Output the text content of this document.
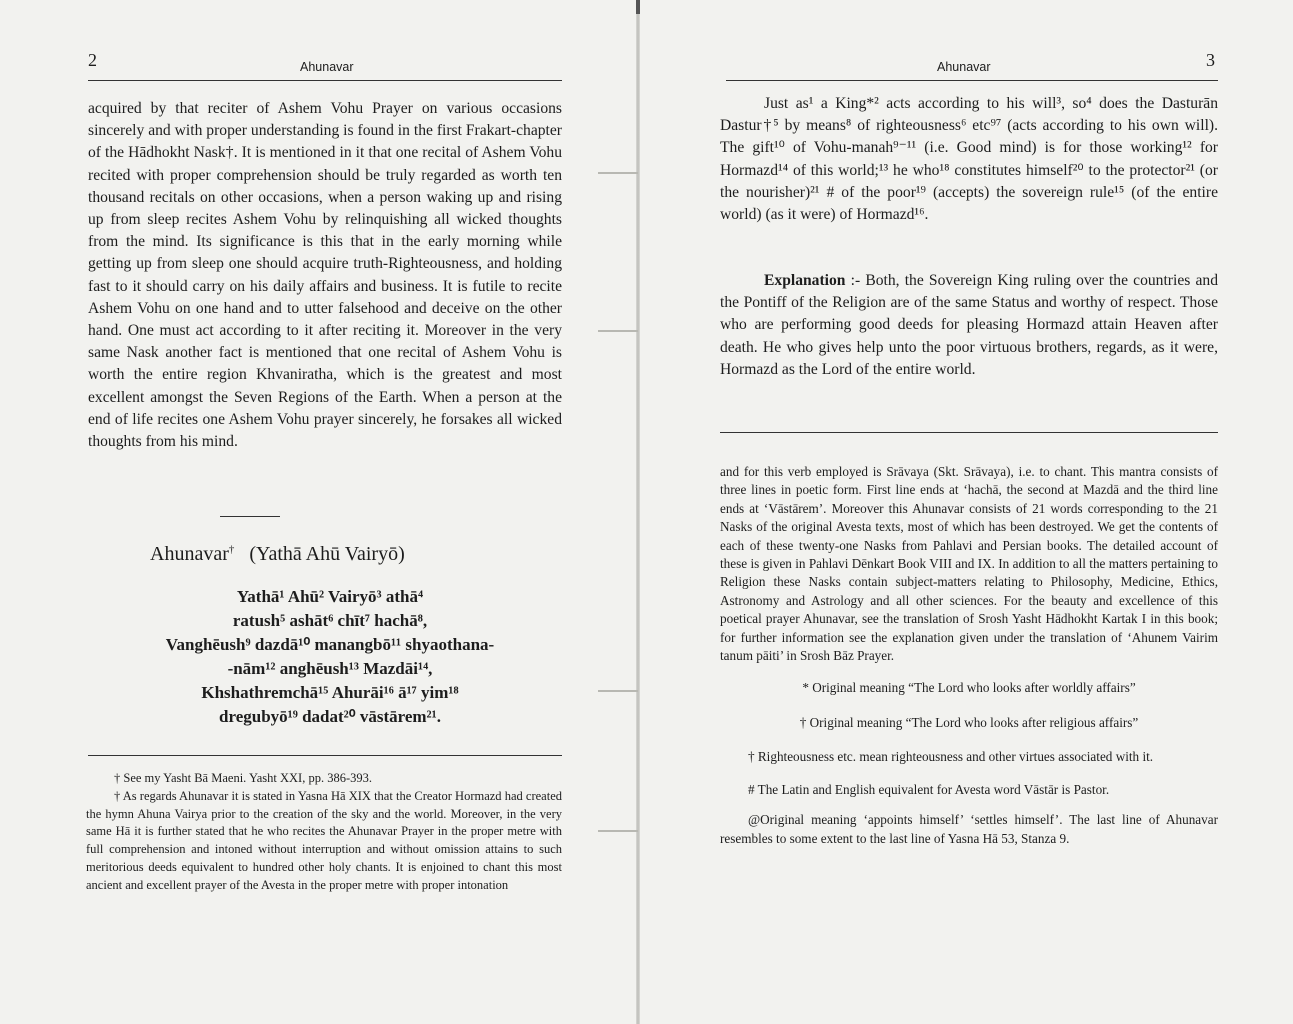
2	Ahunavar

acquired by that reciter of Ashem Vohu Prayer on various occasions sincerely and with proper understanding is found in the first Frakart-chapter of the Hādhokht Nask†. It is mentioned in it that one recital of Ashem Vohu recited with proper comprehension should be truly regarded as worth ten thousand recitals on other occasions, when a person waking up and rising up from sleep recites Ashem Vohu by relinquishing all wicked thoughts from the mind. Its significance is this that in the early morning while getting up from sleep one should acquire truth-Righteousness, and holding fast to it should carry on his daily affairs and business. It is futile to recite Ashem Vohu on one hand and to utter falsehood and deceive on the other hand. One must act according to it after reciting it. Moreover in the very same Nask another fact is mentioned that one recital of Ashem Vohu is worth the entire region Khvaniratha, which is the greatest and most excellent amongst the Seven Regions of the Earth. When a person at the end of life recites one Ashem Vohu prayer sincerely, he forsakes all wicked thoughts from his mind.

Ahunavar† (Yathā Ahū Vairyō)
Yathā¹ Ahū² Vairyō³ athā⁴
ratush⁵ ashāt⁶ chīt⁷ hachā⁸,
Vanghēush⁹ dazdā¹⁰ manangbō¹¹ shyaothana-
-nām¹² anghēush¹³ Mazdāi¹⁴,
Khshathremchā¹⁵ Ahurāi¹⁶ ā¹⁷ yim¹⁸
dregubyō¹⁹ dadat²⁰ vāstārem²¹.

† See my Yasht Bā Maeni. Yasht XXI, pp. 386-393.

† As regards Ahunavar it is stated in Yasna Hā XIX that the Creator Hormazd had created the hymn Ahuna Vairya prior to the creation of the sky and the world. Moreover, in the very same Hā it is further stated that he who recites the Ahunavar Prayer in the proper metre with full comprehension and intoned without interruption and without omission attains to such meritorious deeds equivalent to hundred other holy chants. It is enjoined to chant this most ancient and excellent prayer of the Avesta in the proper metre with proper intonation

Ahunavar	3

Just as¹ a King*² acts according to his will³, so⁴ does the Dasturān Dastur†⁵ by means⁸ of righteousness⁶ etc⁹⁷ (acts according to his own will). The gift¹⁰ of Vohu-manah⁹⁻¹¹ (i.e. Good mind) is for those working¹² for Hormazd¹⁴ of this world;¹³ he who¹⁸ constitutes himself²⁰ to the protector²¹ (or the nourisher)²¹ # of the poor¹⁹ (accepts) the sovereign rule¹⁵ (of the entire world) (as it were) of Hormazd¹⁶.

Explanation :- Both, the Sovereign King ruling over the countries and the Pontiff of the Religion are of the same Status and worthy of respect. Those who are performing good deeds for pleasing Hormazd attain Heaven after death. He who gives help unto the poor virtuous brothers, regards, as it were, Hormazd as the Lord of the entire world.

and for this verb employed is Srāvaya (Skt. Srāvaya), i.e. to chant. This mantra consists of three lines in poetic form. First line ends at ‘hachā, the second at Mazdā and the third line ends at ‘Vāstārem’. Moreover this Ahunavar consists of 21 words corresponding to the 21 Nasks of the original Avesta texts, most of which has been destroyed. We get the contents of each of these twenty-one Nasks from Pahlavi and Persian books. The detailed account of these is given in Pahlavi Dēnkart Book VIII and IX. In addition to all the matters pertaining to Religion these Nasks contain subject-matters relating to Philosophy, Medicine, Ethics, Astronomy and Astrology and all other sciences. For the beauty and excellence of this poetical prayer Ahunavar, see the translation of Srosh Yasht Hādhokht Kartak I in this book; for further information see the explanation given under the translation of ‘Ahunem Vairim tanum pāiti’ in Srosh Bāz Prayer.

* Original meaning “The Lord who looks after worldly affairs”

† Original meaning “The Lord who looks after religious affairs”

† Righteousness etc. mean righteousness and other virtues associated with it.

# The Latin and English equivalent for Avesta word Vāstār is Pastor.

@Original meaning ‘appoints himself’ ‘settles himself’. The last line of Ahunavar resembles to some extent to the last line of Yasna Hā 53, Stanza 9.
